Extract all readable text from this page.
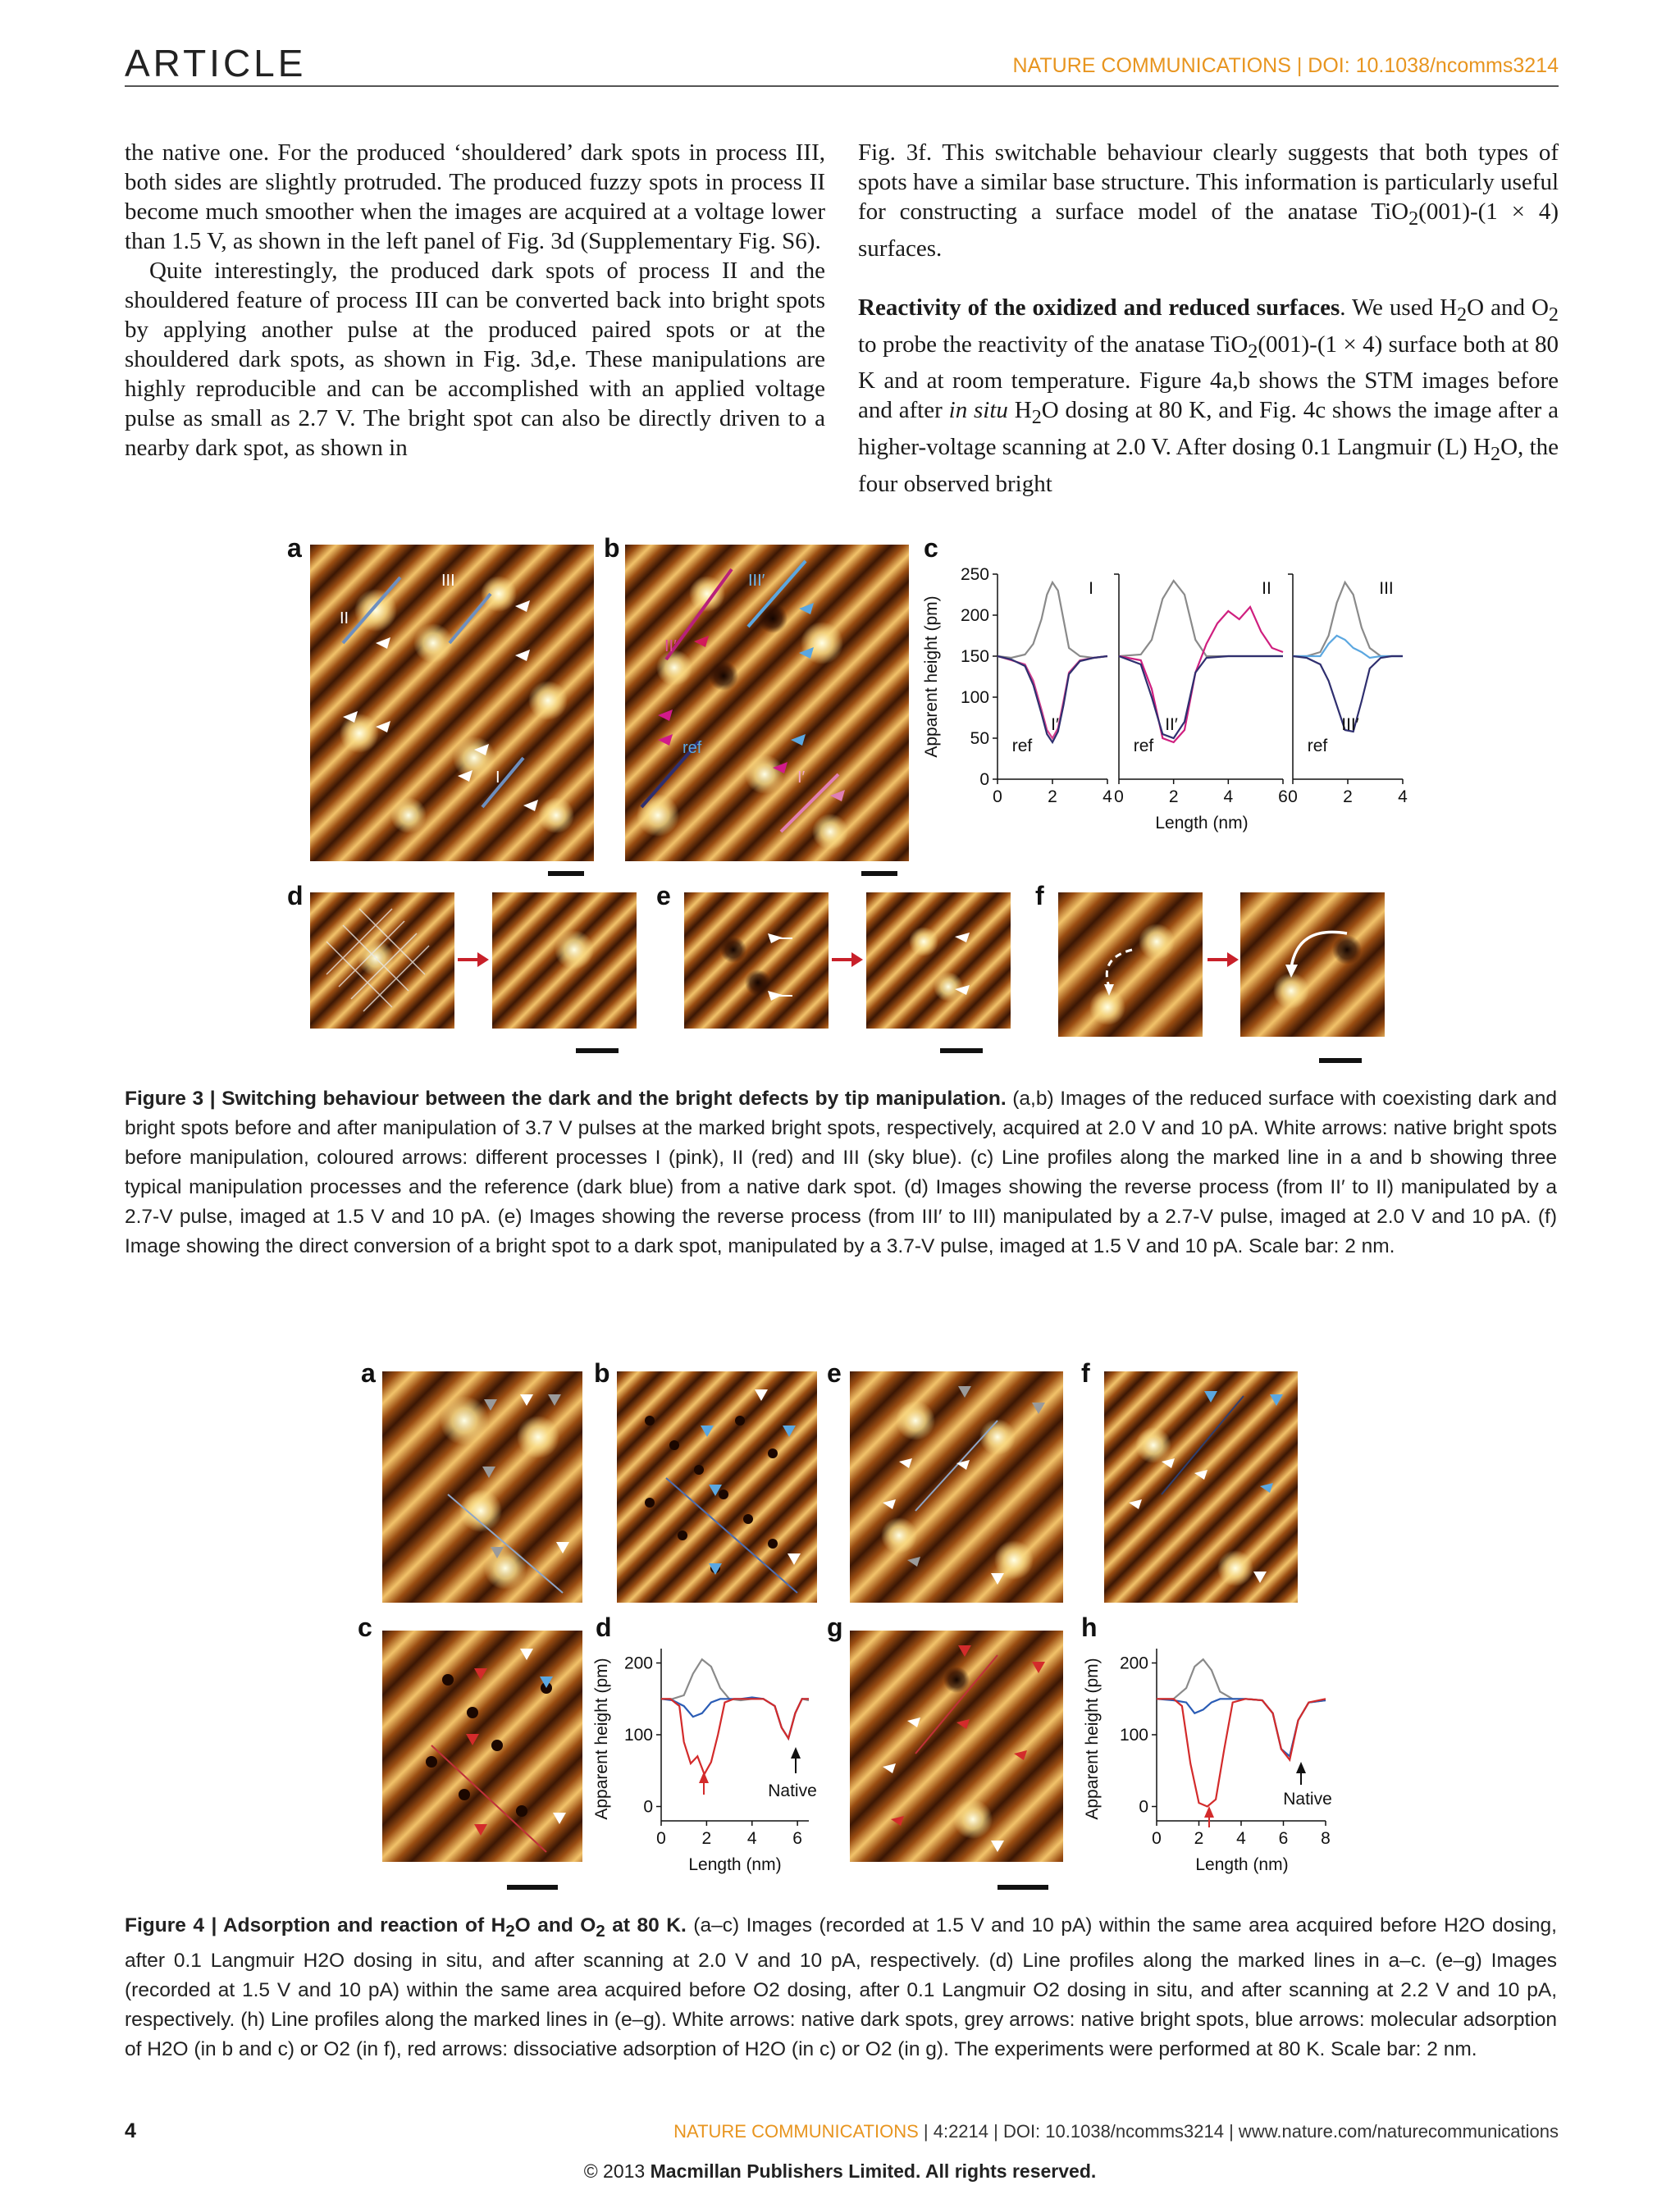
ARTICLE	NATURE COMMUNICATIONS | DOI: 10.1038/ncomms3214

the native one. For the produced ‘shouldered’ dark spots in process III, both sides are slightly protruded. The produced fuzzy spots in process II become much smoother when the images are acquired at a voltage lower than 1.5 V, as shown in the left panel of Fig. 3d (Supplementary Fig. S6).

Quite interestingly, the produced dark spots of process II and the shouldered feature of process III can be converted back into bright spots by applying another pulse at the produced paired spots or at the shouldered dark spots, as shown in Fig. 3d,e. These manipulations are highly reproducible and can be accomplished with an applied voltage pulse as small as 2.7 V. The bright spot can also be directly driven to a nearby dark spot, as shown in

Fig. 3f. This switchable behaviour clearly suggests that both types of spots have a similar base structure. This information is particularly useful for constructing a surface model of the anatase TiO$_2$(001)-(1 × 4) surfaces.

Reactivity of the oxidized and reduced surfaces. We used $H_2O$ and $O_2$ to probe the reactivity of the anatase TiO$_2$(001)-(1 × 4) surface both at 80 K and at room temperature. Figure 4a,b shows the STM images before and after in situ $H_2O$ dosing at 80 K, and Fig. 4c shows the image after a higher-voltage scanning at 2.0 V. After dosing 0.1 Langmuir (L) $H_2O$, the four observed bright

a	b	c
d	e	f
II
III
I
II′
III′
ref
I′	0
50
100
150
200
250
0	2	4
I
ref
I′
0	2	4	6
II
ref
II′
0	2	4
III
ref
III′
Apparent height (pm)
Length (nm)
Figure 3 | Switching behaviour between the dark and the bright defects by tip manipulation. (a,b) Images of the reduced surface with coexisting dark and bright spots before and after manipulation of 3.7 V pulses at the marked bright spots, respectively, acquired at 2.0 V and 10 pA. White arrows: native bright spots before manipulation, coloured arrows: different processes I (pink), II (red) and III (sky blue). (c) Line profiles along the marked line in a and b showing three typical manipulation processes and the reference (dark blue) from a native dark spot. (d) Images showing the reverse process (from II′ to II) manipulated by a 2.7-V pulse, imaged at 1.5 V and 10 pA. (e) Images showing the reverse process (from III′ to III) manipulated by a 2.7-V pulse, imaged at 2.0 V and 10 pA. (f) Image showing the direct conversion of a bright spot to a dark spot, manipulated by a 3.7-V pulse, imaged at 1.5 V and 10 pA. Scale bar: 2 nm.
a	b
c	d
e	f
g	h
0
100
200
0 2 4 6
Native
Apparent height (pm)
Length (nm)
0
100
200
0 2 4 6 8
Native
Apparent height (pm)
Length (nm)
Figure 4 | Adsorption and reaction of $H_2O$ and $O_2$ at 80 K. (a–c) Images (recorded at 1.5 V and 10 pA) within the same area acquired before H2O dosing, after 0.1 Langmuir H2O dosing in situ, and after scanning at 2.0 V and 10 pA, respectively. (d) Line profiles along the marked lines in a–c. (e–g) Images (recorded at 1.5 V and 10 pA) within the same area acquired before O2 dosing, after 0.1 Langmuir O2 dosing in situ, and after scanning at 2.2 V and 10 pA, respectively. (h) Line profiles along the marked lines in (e–g). White arrows: native dark spots, grey arrows: native bright spots, blue arrows: molecular adsorption of H2O (in b and c) or O2 (in f), red arrows: dissociative adsorption of H2O (in c) or O2 (in g). The experiments were performed at 80 K. Scale bar: 2 nm.
4	NATURE COMMUNICATIONS | 4:2214 | DOI: 10.1038/ncomms3214 | www.nature.com/naturecommunications
© 2013 Macmillan Publishers Limited. All rights reserved.
